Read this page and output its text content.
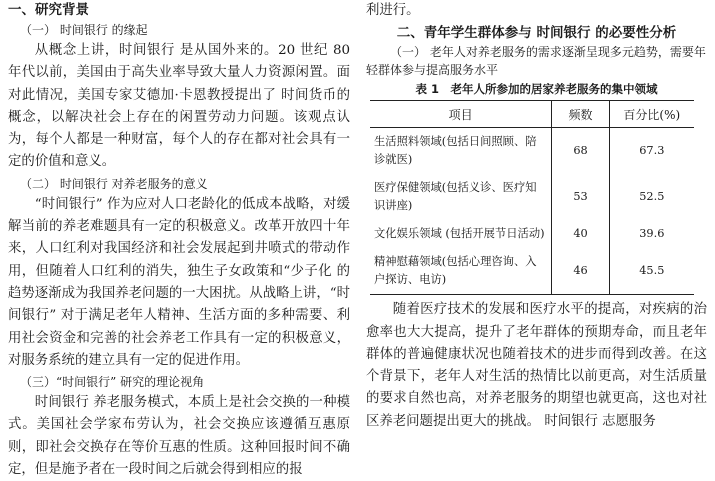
一、研究背景
（一） 时间银行 的缘起

从概念上讲，时间银行 是从国外来的。20 世纪 80 年代以前，美国由于高失业率导致大量人力资源闲置。面对此情况，美国专家艾德加·卡恩教授提出了 时间货币的概念，以解决社会上存在的闲置劳动力问题。该观点认为，每个人都是一种财富，每个人的存在都对社会具有一定的价值和意义。

（二） 时间银行 对养老服务的意义

“时间银行” 作为应对人口老龄化的低成本战略，对缓解当前的养老难题具有一定的积极意义。改革开放四十年来，人口红利对我国经济和社会发展起到井喷式的带动作用，但随着人口红利的消失，独生子女政策和“少子化 的趋势逐渐成为我国养老问题的一大困扰。从战略上讲，“时间银行” 对于满足老年人精神、生活方面的多种需要、利用社会资金和完善的社会养老工作具有一定的积极意义，对服务系统的建立具有一定的促进作用。

（三）“时间银行” 研究的理论视角

时间银行 养老服务模式，本质上是社会交换的一种模式。美国社会学家布劳认为，社会交换应该遵循互惠原则，即社会交换存在等价互惠的性质。这种回报时间不确定，但是施予者在一段时间之后就会得到相应的报

利进行。

二、青年学生群体参与 时间银行 的必要性分析
（一） 老年人对养老服务的需求逐渐呈现多元趋势，需要年轻群体参与提高服务水平
表 1　老年人所参加的居家养老服务的集中领域
项目	频数	百分比(%)
生活照料领域(包括日间照顾、陪诊就医)	68	67.3
医疗保健领域(包括义诊、医疗知识讲座)	53	52.5
文化娱乐领域 (包括开展节日活动)	40	39.6
精神慰藉领域(包括心理咨询、入户探访、电访)	46	45.5

随着医疗技术的发展和医疗水平的提高，对疾病的治愈率也大大提高，提升了老年群体的预期寿命，而且老年群体的普遍健康状况也随着技术的进步而得到改善。在这个背景下，老年人对生活的热情比以前更高，对生活质量的要求自然也高，对养老服务的期望也就更高，这也对社区养老问题提出更大的挑战。 时间银行 志愿服务
